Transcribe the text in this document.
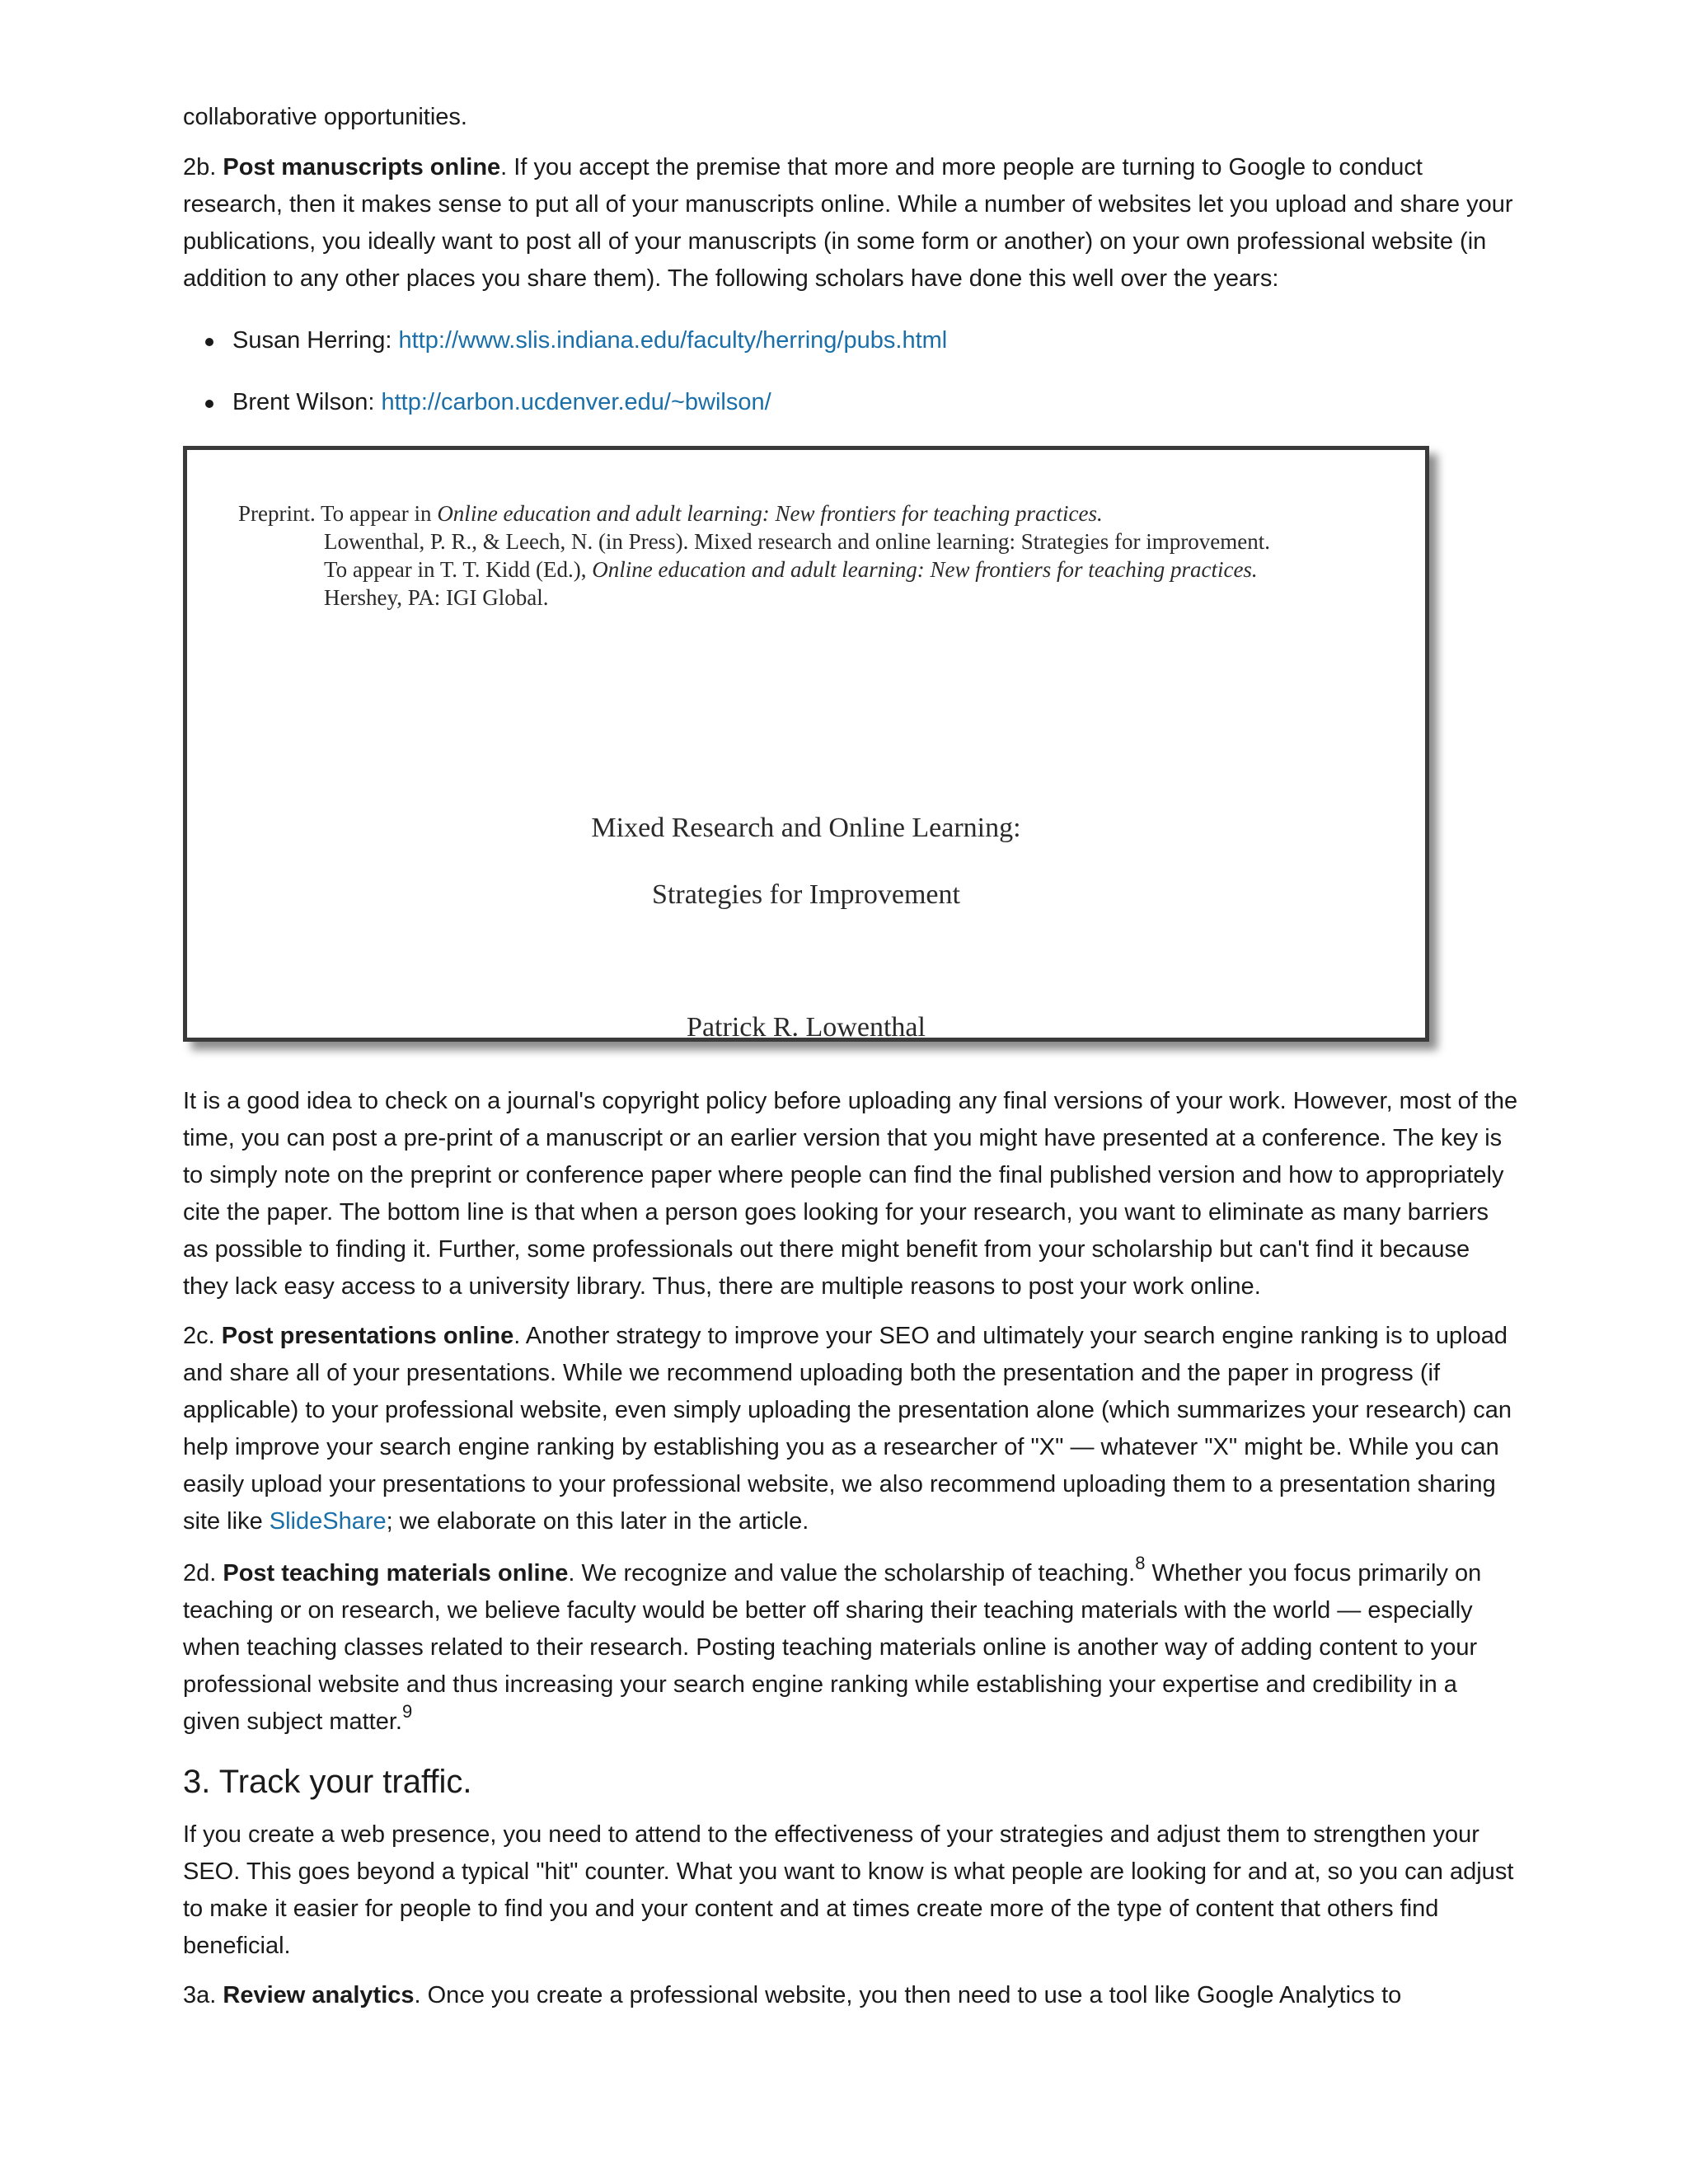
collaborative opportunities.

2b. Post manuscripts online. If you accept the premise that more and more people are turning to Google to conduct research, then it makes sense to put all of your manuscripts online. While a number of websites let you upload and share your publications, you ideally want to post all of your manuscripts (in some form or another) on your own professional website (in addition to any other places you share them). The following scholars have done this well over the years:

Susan Herring: http://www.slis.indiana.edu/faculty/herring/pubs.html
Brent Wilson: http://carbon.ucdenver.edu/~bwilson/
Preprint. To appear in Online education and adult learning: New frontiers for teaching practices.
Lowenthal, P. R., & Leech, N. (in Press). Mixed research and online learning: Strategies for improvement.
To appear in T. T. Kidd (Ed.), Online education and adult learning: New frontiers for teaching practices.
Hershey, PA: IGI Global.
Mixed Research and Online Learning:
Strategies for Improvement
Patrick R. Lowenthal

It is a good idea to check on a journal's copyright policy before uploading any final versions of your work. However, most of the time, you can post a pre-print of a manuscript or an earlier version that you might have presented at a conference. The key is to simply note on the preprint or conference paper where people can find the final published version and how to appropriately cite the paper. The bottom line is that when a person goes looking for your research, you want to eliminate as many barriers as possible to finding it. Further, some professionals out there might benefit from your scholarship but can't find it because they lack easy access to a university library. Thus, there are multiple reasons to post your work online.

2c. Post presentations online. Another strategy to improve your SEO and ultimately your search engine ranking is to upload and share all of your presentations. While we recommend uploading both the presentation and the paper in progress (if applicable) to your professional website, even simply uploading the presentation alone (which summarizes your research) can help improve your search engine ranking by establishing you as a researcher of "X" — whatever "X" might be. While you can easily upload your presentations to your professional website, we also recommend uploading them to a presentation sharing site like SlideShare; we elaborate on this later in the article.

2d. Post teaching materials online. We recognize and value the scholarship of teaching.$^8$ Whether you focus primarily on teaching or on research, we believe faculty would be better off sharing their teaching materials with the world — especially when teaching classes related to their research. Posting teaching materials online is another way of adding content to your professional website and thus increasing your search engine ranking while establishing your expertise and credibility in a given subject matter.$^9$

3. Track your traffic.

If you create a web presence, you need to attend to the effectiveness of your strategies and adjust them to strengthen your SEO. This goes beyond a typical "hit" counter. What you want to know is what people are looking for and at, so you can adjust to make it easier for people to find you and your content and at times create more of the type of content that others find beneficial.

3a. Review analytics. Once you create a professional website, you then need to use a tool like Google Analytics to
